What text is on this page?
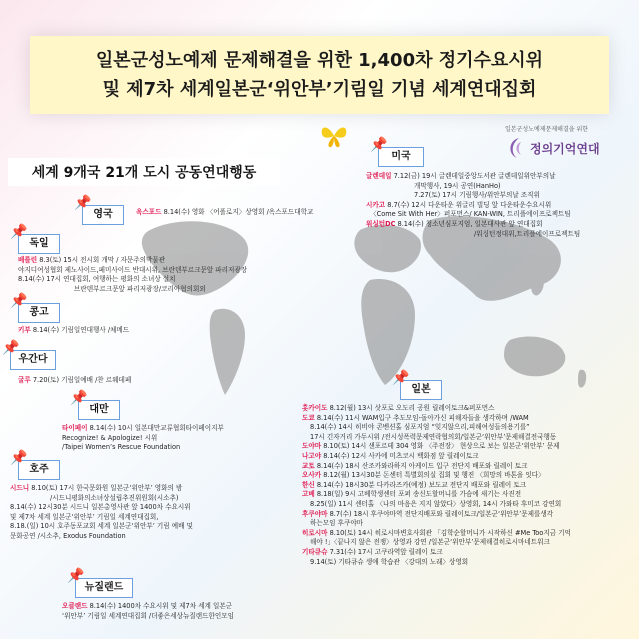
일본군성노예제 문제해결을 위한 1,400차 정기수요시위
및 제7차 세계일본군‘위안부’기림일 기념 세계연대집회
일본군성노예제문제해결을 위한
정의기억연대
세계 9개국 21개 도시 공동연대행동
영국
📌
독일
📌
콩고
📌
우간다
📌
대만
📌
호주
📌
뉴질랜드
📌
미국
📌
일본
📌
옥스포드 8.14(수) 영화 〈어폴로지〉상영회 /옥스포드대학교
베를린 8.3(토) 15시 전시회 개막 / 자문주의박물관
야지디여성협회 제노사이드,페미사이드 반대시위, 브란덴부르크문앞 파리저광장
8.14(수) 17시 연대집회, 여행하는 평화의 소녀상 설치
브란덴부르크문앞 파리저광장/코리아협의회외
키부 8.14(수) 기림일연대행사 /체메드
굴루 7.20(토) 기림일예배 /찬 르웨데페
타이페이 8.14(수) 10시 일본대만교류협회타이페이지부
Recognize! & Apologize! 시위
/Taipei Women’s Rescue Foundation
시드니 8.10(토) 17시 한국문화원 일본군‘위안부’ 영화의 밤
/시드니평화의소녀상설립추진위원회(시소추)
8.14(수) 12시30분 시드니 일본총영사관 앞 1400차 수요시위
및 제7차 세계 일본군‘위안부’ 기림일 세계연대집회,
8.18.(일) 10시 호주동포교회 세계 일본군‘위안부’ 기림 예배 및
문화공연 /시소추, Exodus Foundation
오클랜드 8.14(수) 1400차 수요시위 및 제7차 세계 일본군
‘위안부’ 기림일 세계연대집회 /더좋은세상뉴질랜드한인모임
글렌데일 7.12(금) 19시 글렌데일중앙도서관 글렌데일위안부의날
개막행사, 19시 공연(HanHo)
7.27(토) 17시 기림행사/위안부의날 조직위
시카고 8.7(수) 12시 다운타운 위글리 빌딩 앞 다운타운수요시위
〈Come Sit With Her〉퍼포먼스/ KAN-WIN, 트리플에이프로젝트팀
워싱턴DC 8.14(수) 청소년심포지엄, 일본대사관 앞 연대집회
/워싱턴정대위,트리플에이프로젝트팀
홋카이도 8.12(월) 13시 삿포로 오도리 공원 릴레이토크&퍼포먼스
도쿄 8.14(수) 11시 WAM입구 추도모임-돌아가신 피해자들을 생각하며 /WAM
8.14(수) 14시 히비야 콘벤션홀 심포지엄 “잊지않으리,피해여성들의용기를”
17시 긴자거리 가두시위 /전시성폭력문제연락협의회/일본군‘위안부’문제해결전국행동
도야마 8.10(토) 14시 샌포르테 304 영화 〈주전장〉 현상으로 보는 일본군‘위안부’ 문제
나고야 8.14(수) 12시 사카에 미츠코시 백화점 앞 릴레이토크
교토 8.14(수) 18시 산조카와라하지 아케이드 입구 전단지 배포와 릴레이 토크
오사카 8.12(월) 13시30분 돈센터 특별회의실 집회 및 행진 〈희망의 바톤을 잇다〉
한신 8.14(수) 18시30분 다카라즈카(예정) 보도교 전단지 배포와 릴레이 토크
고베 8.18(일) 9시 고베학생센터 포퍼 송신도할머니를 가슴에 새기는 사진전
8.25(일) 11시 센터홀 〈나의 마음은 지지 않았다〉상영회, 14시 가와타 후미코 강연회
후쿠야마 8.7(수) 18시 후쿠야마역 전단지배포와 릴레이토크/일본군‘위안부’문제를생각
하는모임 후쿠야마
히로시마 8.10(토) 14시 히로시마변호사회관 「김학순할머니가 시작하신 #Me Too지금 기억
해야 !」〈끝나지 않은 전쟁〉상영과 강연 /일본군‘위안부’문제해결히로시마네트워크
기타큐슈 7.31(수) 17시 고쿠라역앞 릴레이 토크
9.14(토) 기타큐슈 생애 학습관 〈강대의 노래〉상영회
